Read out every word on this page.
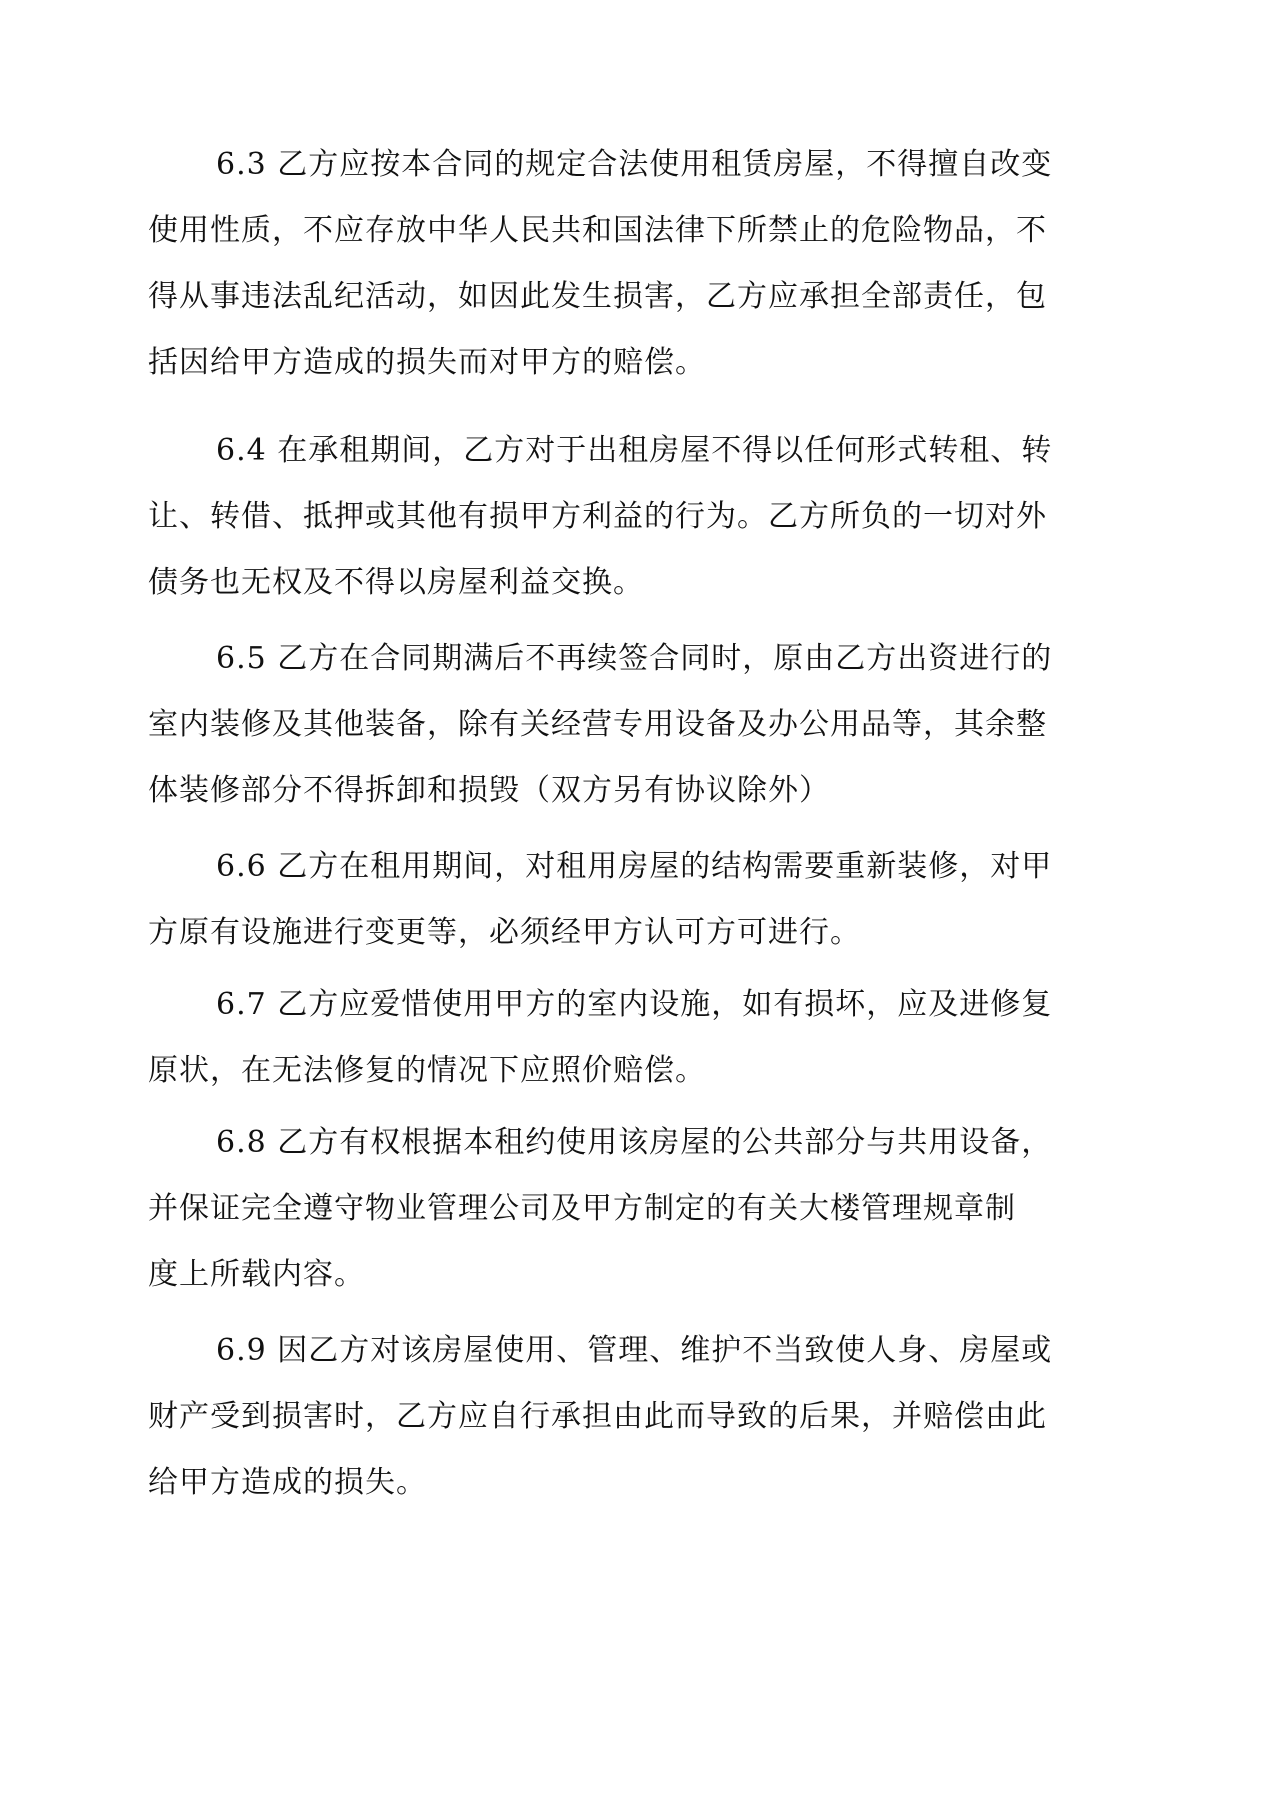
6.3 乙方应按本合同的规定合法使用租赁房屋，不得擅自改变
使用性质，不应存放中华人民共和国法律下所禁止的危险物品，不
得从事违法乱纪活动，如因此发生损害，乙方应承担全部责任，包
括因给甲方造成的损失而对甲方的赔偿。
6.4 在承租期间，乙方对于出租房屋不得以任何形式转租、转
让、转借、抵押或其他有损甲方利益的行为。乙方所负的一切对外
债务也无权及不得以房屋利益交换。
6.5 乙方在合同期满后不再续签合同时，原由乙方出资进行的
室内装修及其他装备，除有关经营专用设备及办公用品等，其余整
体装修部分不得拆卸和损毁（双方另有协议除外）
6.6 乙方在租用期间，对租用房屋的结构需要重新装修，对甲
方原有设施进行变更等，必须经甲方认可方可进行。
6.7 乙方应爱惜使用甲方的室内设施，如有损坏，应及进修复
原状，在无法修复的情况下应照价赔偿。
6.8 乙方有权根据本租约使用该房屋的公共部分与共用设备，
并保证完全遵守物业管理公司及甲方制定的有关大楼管理规章制
度上所载内容。
6.9 因乙方对该房屋使用、管理、维护不当致使人身、房屋或
财产受到损害时，乙方应自行承担由此而导致的后果，并赔偿由此
给甲方造成的损失。
